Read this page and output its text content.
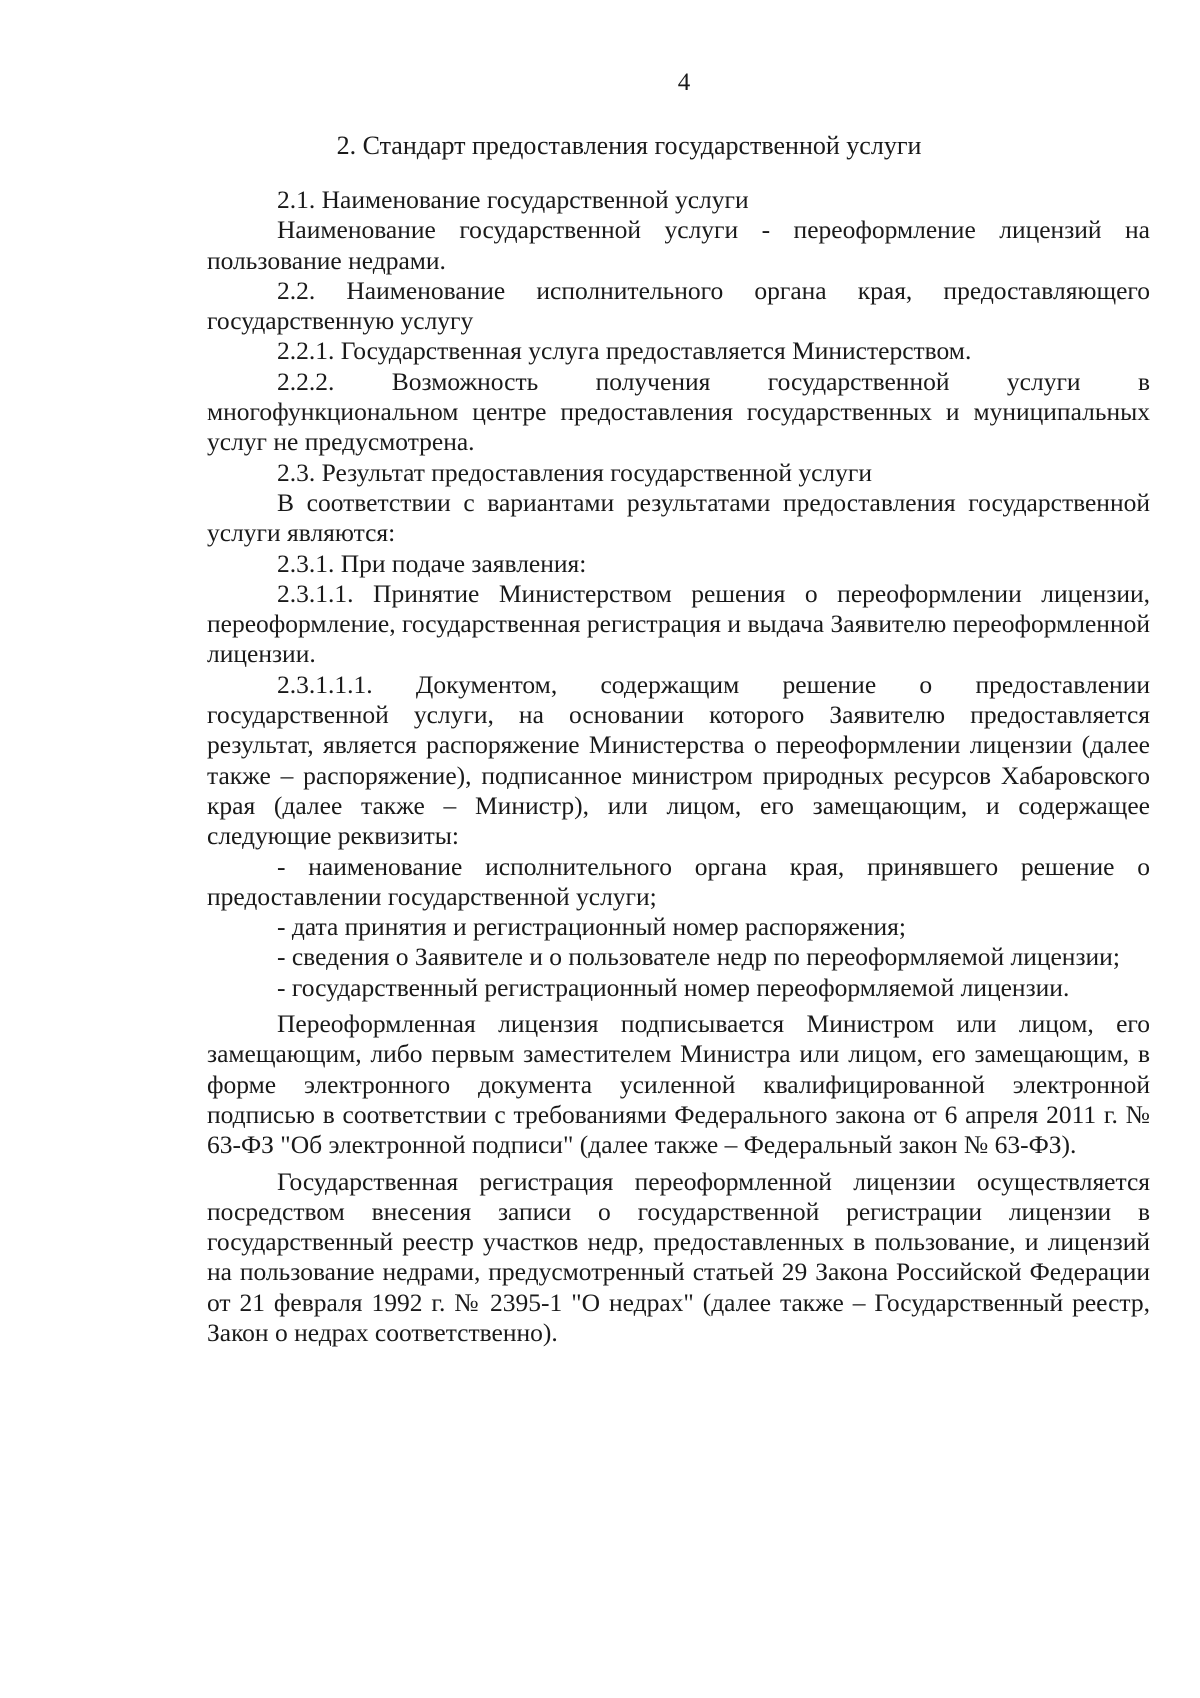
4
2. Стандарт предоставления государственной услуги

2.1. Наименование государственной услуги

Наименование государственной услуги - переоформление лицензий на пользование недрами.

2.2. Наименование исполнительного органа края, предоставляющего государственную услугу

2.2.1. Государственная услуга предоставляется Министерством.

2.2.2. Возможность получения государственной услуги в многофункциональном центре предоставления государственных и муниципальных услуг не предусмотрена.

2.3. Результат предоставления государственной услуги

В соответствии с вариантами результатами предоставления государственной услуги являются:

2.3.1. При подаче заявления:

2.3.1.1. Принятие Министерством решения о переоформлении лицензии, переоформление, государственная регистрация и выдача Заявителю переоформленной лицензии.

2.3.1.1.1. Документом, содержащим решение о предоставлении государственной услуги, на основании которого Заявителю предоставляется результат, является распоряжение Министерства о переоформлении лицензии (далее также – распоряжение), подписанное министром природных ресурсов Хабаровского края (далее также – Министр), или лицом, его замещающим, и содержащее следующие реквизиты:

- наименование исполнительного органа края, принявшего решение о предоставлении государственной услуги;

- дата принятия и регистрационный номер распоряжения;

- сведения о Заявителе и о пользователе недр по переоформляемой лицензии;

- государственный регистрационный номер переоформляемой лицензии.

Переоформленная лицензия подписывается Министром или лицом, его замещающим, либо первым заместителем Министра или лицом, его замещающим, в форме электронного документа усиленной квалифицированной электронной подписью в соответствии с требованиями Федерального закона от 6 апреля 2011 г. № 63-ФЗ "Об электронной подписи" (далее также – Федеральный закон № 63-ФЗ).

Государственная регистрация переоформленной лицензии осуществляется посредством внесения записи о государственной регистрации лицензии в государственный реестр участков недр, предоставленных в пользование, и лицензий на пользование недрами, предусмотренный статьей 29 Закона Российской Федерации от 21 февраля 1992 г. № 2395-1 "О недрах" (далее также – Государственный реестр, Закон о недрах соответственно).
